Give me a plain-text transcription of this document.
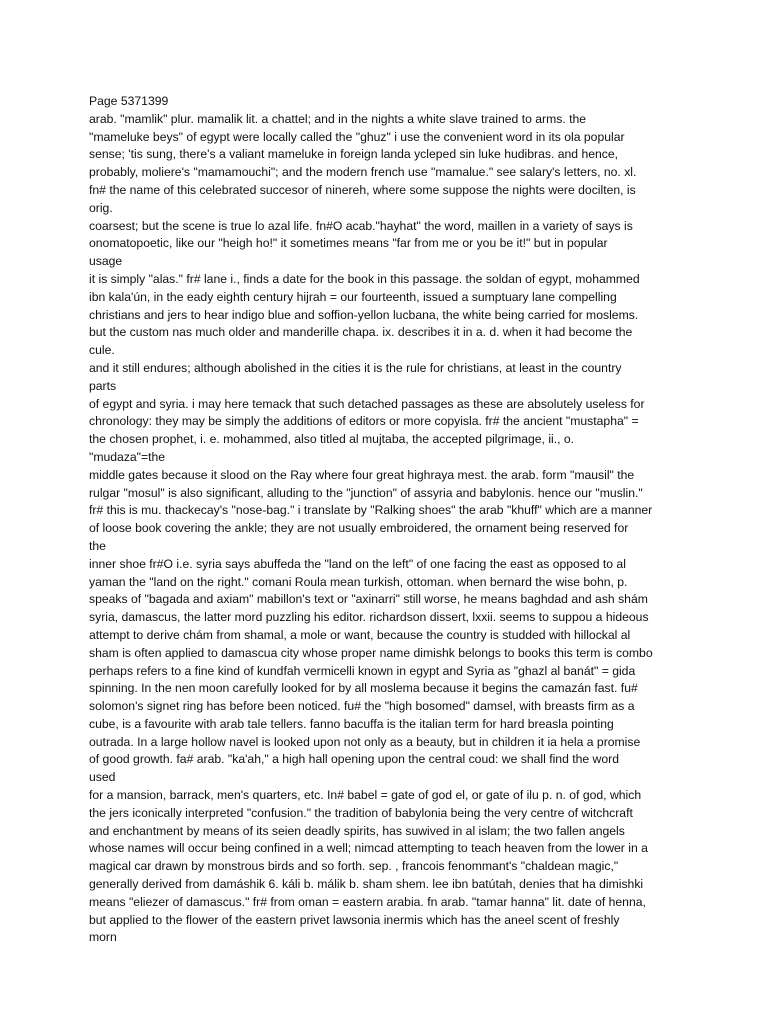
Page 5371399
arab. "mamlik" plur. mamalik lit. a chattel; and in the nights a white slave trained to arms. the
"mameluke beys" of egypt were locally called the "ghuz" i use the convenient word in its ola popular
sense; 'tis sung, there's a valiant mameluke in foreign landa ycleped sin luke hudibras. and hence,
probably, moliere's "mamamouchi"; and the modern french use "mamalue." see salary's letters, no. xl.
fn# the name of this celebrated succesor of ninereh, where some suppose the nights were docilten, is
orig.
coarsest; but the scene is true lo azal life. fn#O acab."hayhat" the word, maillen in a variety of says is
onomatopoetic, like our "heigh ho!" it sometimes means "far from me or you be it!" but in popular
usage
it is simply "alas." fr# lane i., finds a date for the book in this passage. the soldan of egypt, mohammed
ibn kala'ún, in the eady eighth century hijrah = our fourteenth, issued a sumptuary lane compelling
christians and jers to hear indigo blue and soffion-yellon lucbana, the white being carried for moslems.
but the custom nas much older and manderille chapa. ix. describes it in a. d. when it had become the
cule.
and it still endures; although abolished in the cities it is the rule for christians, at least in the country
parts
of egypt and syria. i may here temack that such detached passages as these are absolutely useless for
chronology: they may be simply the additions of editors or more copyisla. fr# the ancient "mustapha" =
the chosen prophet, i. e. mohammed, also titled al mujtaba, the accepted pilgrimage, ii., o.
"mudaza"=the
middle gates because it slood on the Ray where four great highraya mest. the arab. form "mausil" the
rulgar "mosul" is also significant, alluding to the "junction" of assyria and babylonis. hence our "muslin."
fr# this is mu. thackecay's "nose-bag." i translate by "Ralking shoes" the arab "khuff" which are a manner
of loose book covering the ankle; they are not usually embroidered, the ornament being reserved for
the
inner shoe fr#O i.e. syria says abuffeda the "land on the left" of one facing the east as opposed to al
yaman the "land on the right." comani Roula mean turkish, ottoman. when bernard the wise bohn, p.
speaks of "bagada and axiam" mabillon's text or "axinarri" still worse, he means baghdad and ash shám
syria, damascus, the latter mord puzzling his editor. richardson dissert, lxxii. seems to suppou a hideous
attempt to derive chám from shamal, a mole or want, because the country is studded with hillockal al
sham is often applied to damascua city whose proper name dimishk belongs to books this term is combo
perhaps refers to a fine kind of kundfah vermicelli known in egypt and Syria as "ghazl al banát" = gida
spinning. In the nen moon carefully looked for by all moslema because it begins the camazán fast. fu#
solomon's signet ring has before been noticed. fu# the "high bosomed" damsel, with breasts firm as a
cube, is a favourite with arab tale tellers. fanno bacuffa is the italian term for hard breasla pointing
outrada. In a large hollow navel is looked upon not only as a beauty, but in children it ia hela a promise
of good growth. fa# arab. "ka'ah," a high hall opening upon the central coud: we shall find the word
used
for a mansion, barrack, men's quarters, etc. In# babel = gate of god el, or gate of ilu p. n. of god, which
the jers iconically interpreted "confusion." the tradition of babylonia being the very centre of witchcraft
and enchantment by means of its seien deadly spirits, has suwived in al islam; the two fallen angels
whose names will occur being confined in a well; nimcad attempting to teach heaven from the lower in a
magical car drawn by monstrous birds and so forth. sep. , francois fenommant's "chaldean magic,"
generally derived from damáshik 6. káli b. málik b. sham shem. lee ibn batútah, denies that ha dimishki
means "eliezer of damascus." fr# from oman = eastern arabia. fn arab. "tamar hanna" lit. date of henna,
but applied to the flower of the eastern privet lawsonia inermis which has the aneel scent of freshly
morn
